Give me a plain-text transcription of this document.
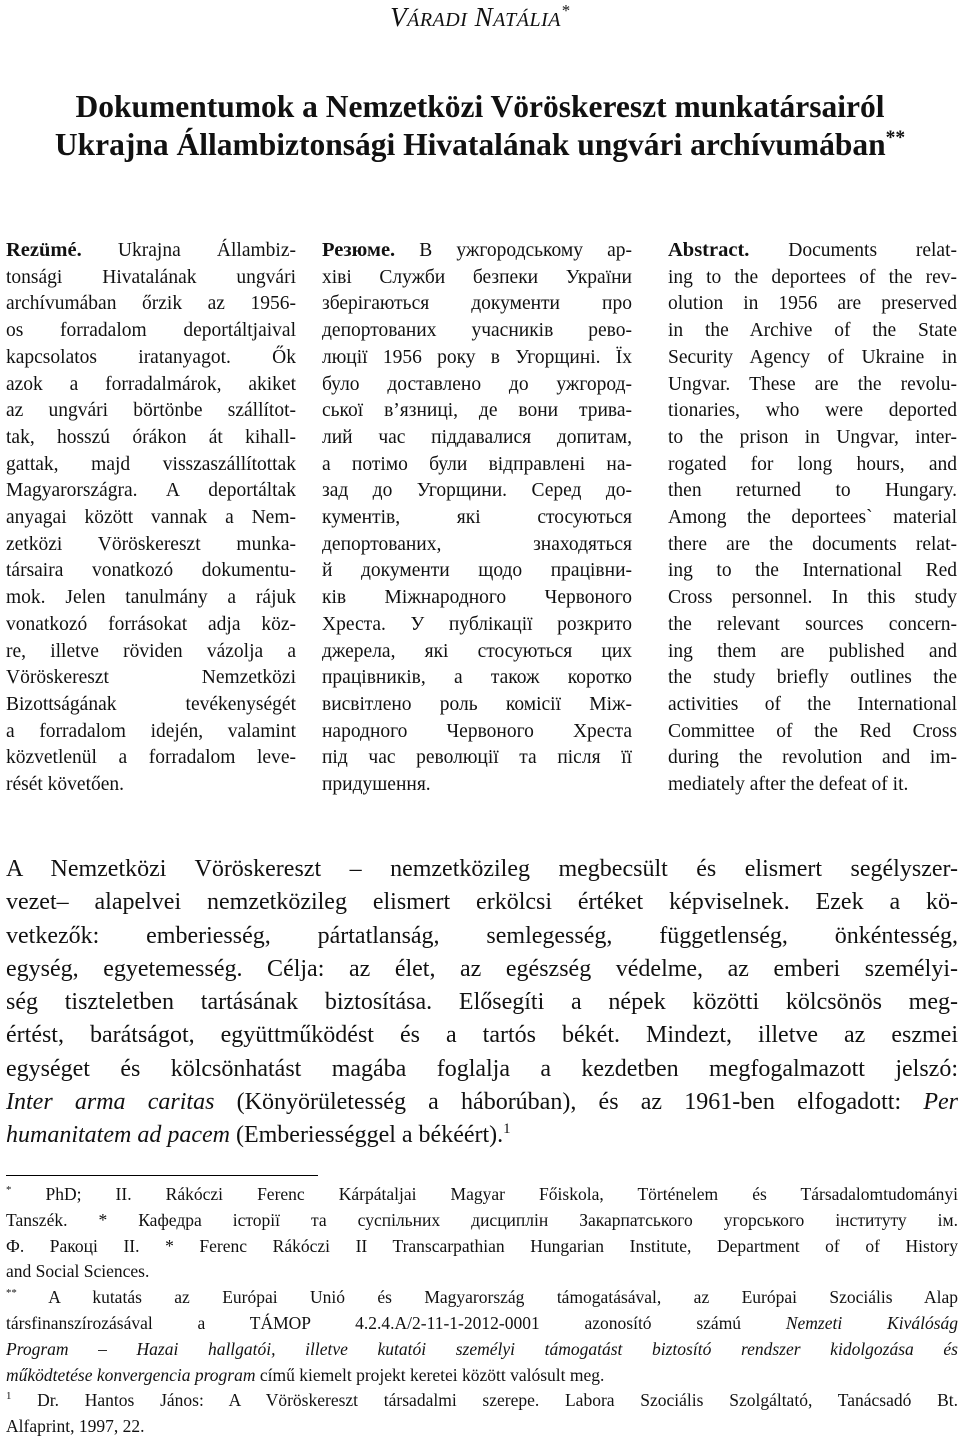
VÁRADI NATÁLIA*
Dokumentumok a Nemzetközi Vöröskereszt munkatársairól
Ukrajna Állambiztonsági Hivatalának ungvári archívumában**
Rezümé. Ukrajna Állambiz-
tonsági Hivatalának ungvári
archívumában őrzik az 1956-
os forradalom deportáltjaival
kapcsolatos iratanyagot. Ők
azok a forradalmárok, akiket
az ungvári börtönbe szállítot-
tak, hosszú órákon át kihall-
gattak, majd visszaszállítottak
Magyarországra. A deportáltak
anyagai között vannak a Nem-
zetközi Vöröskereszt munka-
társaira vonatkozó dokumentu-
mok. Jelen tanulmány a rájuk
vonatkozó forrásokat adja köz-
re, illetve röviden vázolja a
Vöröskereszt Nemzetközi
Bizottságának tevékenységét
a forradalom idején, valamint
közvetlenül a forradalom leve-
rését követően.
Резюме. В ужгородському ар-
хіві Служби безпеки України
зберігаються документи про
депортованих учасників рево-
люції 1956 року в Угорщині. Їх
було доставлено до ужгород-
ської в’язниці, де вони трива-
лий час піддавалися допитам,
а потімо були відправлені на-
зад до Угорщини. Серед до-
кументів, які стосуються
депортованих, знаходяться
й документи щодо працівни-
ків Міжнародного Червоного
Хреста. У публікації розкрито
джерела, які стосуються цих
працівників, а також коротко
висвітлено роль комісії Між-
народного Червоного Хреста
під час революції та після її
придушення.
Abstract. Documents relat-
ing to the deportees of the rev-
olution in 1956 are preserved
in the Archive of the State
Security Agency of Ukraine in
Ungvar. These are the revolu-
tionaries, who were deported
to the prison in Ungvar, inter-
rogated for long hours, and
then returned to Hungary.
Among the deportees` material
there are the documents relat-
ing to the International Red
Cross personnel. In this study
the relevant sources concern-
ing them are published and
the study briefly outlines the
activities of the International
Committee of the Red Cross
during the revolution and im-
mediately after the defeat of it.
A Nemzetközi Vöröskereszt – nemzetközileg megbecsült és elismert segélyszer-
vezet– alapelvei nemzetközileg elismert erkölcsi értéket képviselnek. Ezek a kö-
vetkezők: emberiesség, pártatlanság, semlegesség, függetlenség, önkéntesség,
egység, egyetemesség. Célja: az élet, az egészség védelme, az emberi személyi-
ség tiszteletben tartásának biztosítása. Elősegíti a népek közötti kölcsönös meg-
értést, barátságot, együttműködést és a tartós békét. Mindezt, illetve az eszmei
egységet és kölcsönhatást magába foglalja a kezdetben megfogalmazott jelszó:
Inter arma caritas (Könyörületesség a háborúban), és az 1961-ben elfogadott: Per
humanitatem ad pacem (Emberiességgel a békéért).$^1$
* PhD; II. Rákóczi Ferenc Kárpátaljai Magyar Főiskola, Történelem és Társadalomtudományi
Tanszék. * Кафедра історії та суспільних дисциплін Закарпатського угорського інституту ім.
Ф. Ракоці ІІ. * Ferenc Rákóczi II Transcarpathian Hungarian Institute, Department of of History
and Social Sciences.
** A kutatás az Európai Unió és Magyarország támogatásával, az Európai Szociális Alap
társfinanszírozásával a TÁMOP 4.2.4.A/2-11-1-2012-0001 azonosító számú Nemzeti Kiválóság
Program – Hazai hallgatói, illetve kutatói személyi támogatást biztosító rendszer kidolgozása és
működtetése konvergencia program című kiemelt projekt keretei között valósult meg.
$^1$ Dr. Hantos János: A Vöröskereszt társadalmi szerepe. Labora Szociális Szolgáltató, Tanácsadó Bt.
Alfaprint, 1997, 22.
